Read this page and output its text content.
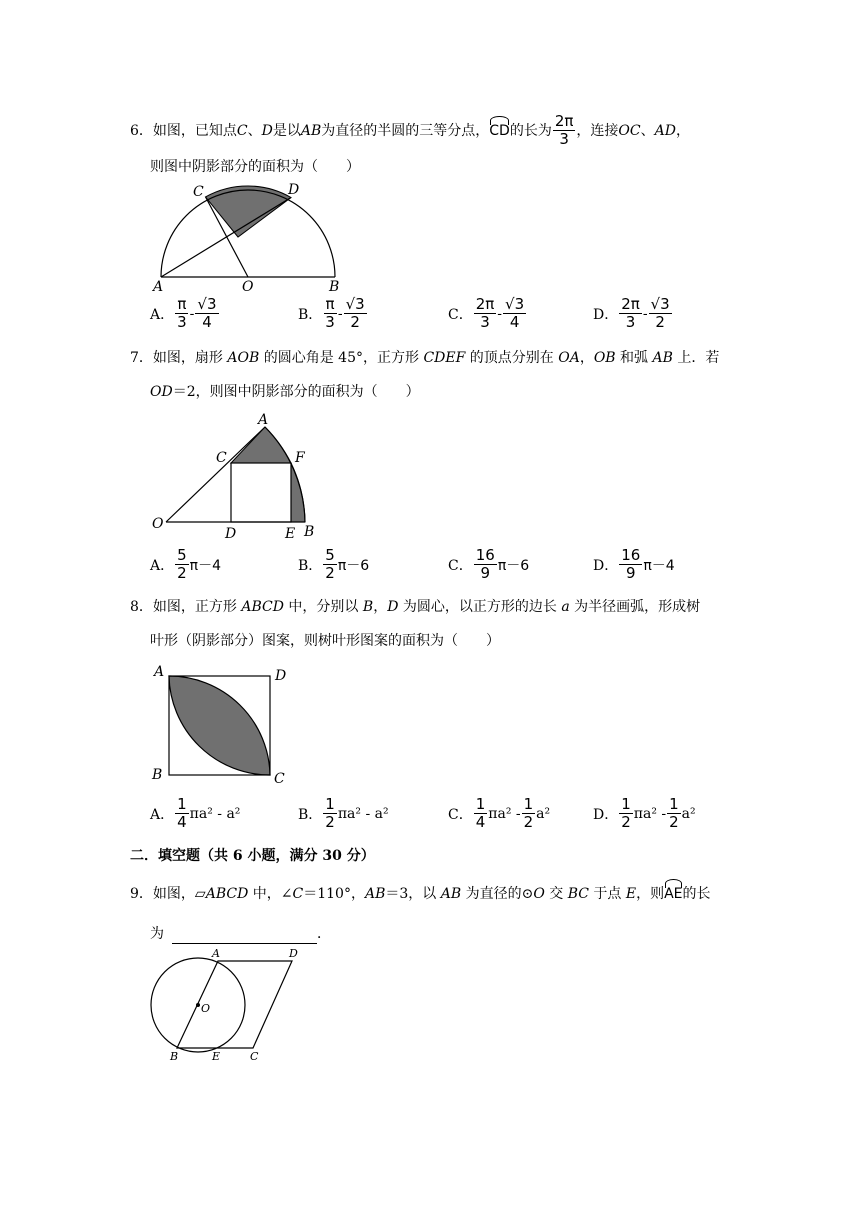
6． 如图，已知点 C 、 D 是以 AB 为直径的半圆的三等分点， CD 的长为 $\frac{2\pi}{3}$ ，连接 OC 、 AD ，
则图中阴影部分的面积为（　　）
C	D
A	O	B
A． $\frac{\pi}{3} - \frac{√3}{4}$	B． $\frac{\pi}{3} - \frac{√3}{2}$	C． $\frac{2\pi}{3} - \frac{√3}{4}$	D． $\frac{2\pi}{3} - \frac{√3}{2}$
7．如图，扇形 AOB 的圆心角是 45°，正方形 CDEF 的顶点分别在 OA，OB 和弧 AB 上．若
OD＝2，则图中阴影部分的面积为（　　）
A
C	F
O
D	E B
A． $\frac{5}{2} \pi-4$	B． $\frac{5}{2} \pi-6$	C． $\frac{16}{9} \pi-6$	D． $\frac{16}{9} \pi-4$
8．如图，正方形 ABCD 中，分别以 B，D 为圆心，以正方形的边长 a 为半径画弧，形成树
叶形（阴影部分）图案，则树叶形图案的面积为（　　）
A	D
B	C
A． $\frac{1}{4} \pi a^2 - a^2$	B． $\frac{1}{2} \pi a^2 - a^2$	C． $\frac{1}{4} \pi a^2 - \frac{1}{2} a^2$	D． $\frac{1}{2} \pi a^2 - \frac{1}{2} a^2$
二．填空题（共 6 小题，满分 30 分）
9．如图，▱ABCD 中，∠C＝110°，AB＝3，以 AB 为直径的⊙O 交 BC 于点 E，则AE的长
为	．
A	D
O
B	E	C
